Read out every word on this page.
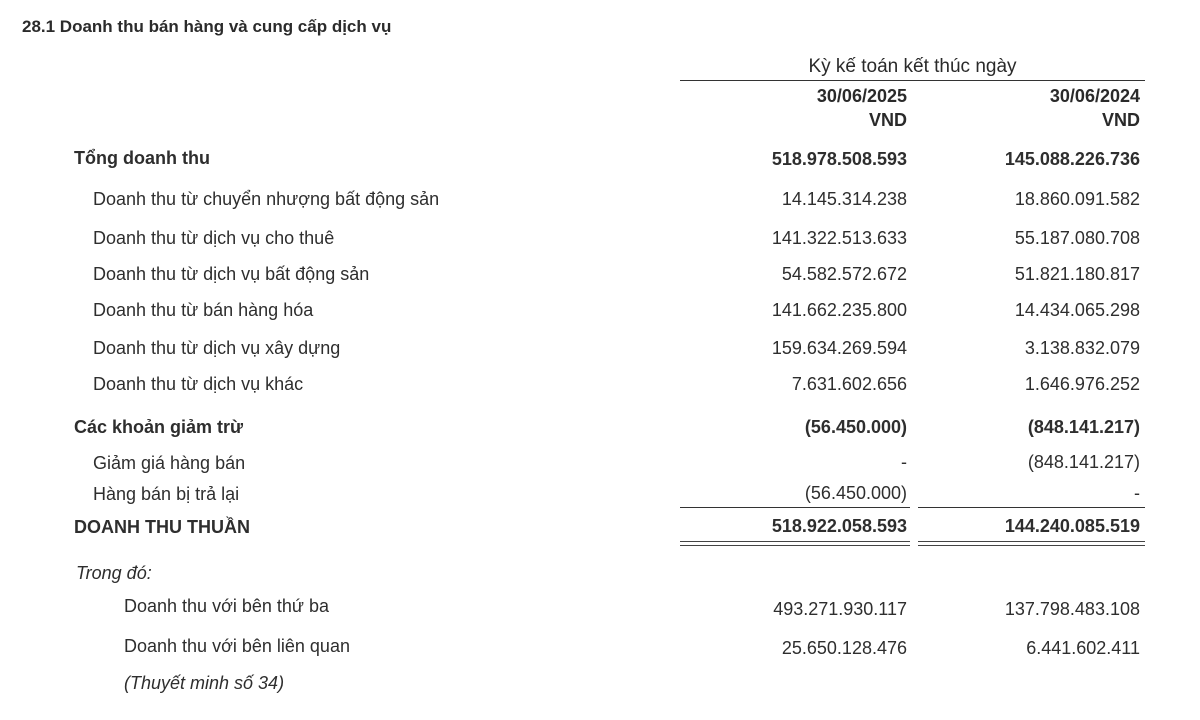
28.1 Doanh thu bán hàng và cung cấp dịch vụ
Kỳ kế toán kết thúc ngày
30/06/2025	30/06/2024
VND	VND
Tổng doanh thu	518.978.508.593	145.088.226.736
Doanh thu từ chuyển nhượng bất động sản	14.145.314.238	18.860.091.582
Doanh thu từ dịch vụ cho thuê	141.322.513.633	55.187.080.708
Doanh thu từ dịch vụ bất động sản	54.582.572.672	51.821.180.817
Doanh thu từ bán hàng hóa	141.662.235.800	14.434.065.298
Doanh thu từ dịch vụ xây dựng	159.634.269.594	3.138.832.079
Doanh thu từ dịch vụ khác	7.631.602.656	1.646.976.252
Các khoản giảm trừ	(56.450.000)	(848.141.217)
Giảm giá hàng bán	-	(848.141.217)
Hàng bán bị trả lại	(56.450.000)	-
DOANH THU THUẦN	518.922.058.593	144.240.085.519
Trong đó:
Doanh thu với bên thứ ba	493.271.930.117	137.798.483.108
Doanh thu với bên liên quan	25.650.128.476	6.441.602.411
(Thuyết minh số 34)
